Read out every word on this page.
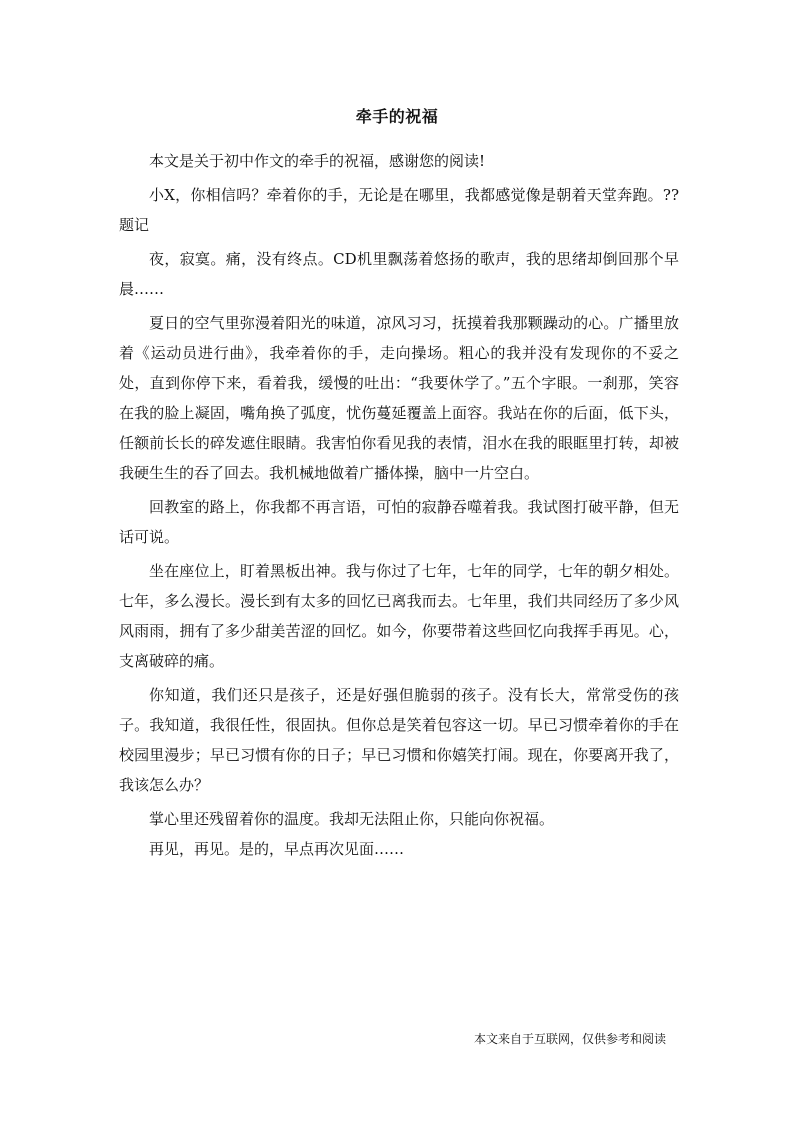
牵手的祝福

本文是关于初中作文的牵手的祝福，感谢您的阅读!

小X，你相信吗？牵着你的手，无论是在哪里，我都感觉像是朝着天堂奔跑。??题记

夜，寂寞。痛，没有终点。CD机里飘荡着悠扬的歌声，我的思绪却倒回那个早晨……

夏日的空气里弥漫着阳光的味道，凉风习习，抚摸着我那颗躁动的心。广播里放着《运动员进行曲》，我牵着你的手，走向操场。粗心的我并没有发现你的不妥之处，直到你停下来，看着我，缓慢的吐出：“我要休学了。”五个字眼。一刹那，笑容在我的脸上凝固，嘴角换了弧度，忧伤蔓延覆盖上面容。我站在你的后面，低下头，任额前长长的碎发遮住眼睛。我害怕你看见我的表情，泪水在我的眼眶里打转，却被我硬生生的吞了回去。我机械地做着广播体操，脑中一片空白。

回教室的路上，你我都不再言语，可怕的寂静吞噬着我。我试图打破平静，但无话可说。

坐在座位上，盯着黑板出神。我与你过了七年，七年的同学，七年的朝夕相处。七年，多么漫长。漫长到有太多的回忆已离我而去。七年里，我们共同经历了多少风风雨雨，拥有了多少甜美苦涩的回忆。如今，你要带着这些回忆向我挥手再见。心，支离破碎的痛。

你知道，我们还只是孩子，还是好强但脆弱的孩子。没有长大，常常受伤的孩子。我知道，我很任性，很固执。但你总是笑着包容这一切。早已习惯牵着你的手在校园里漫步；早已习惯有你的日子；早已习惯和你嬉笑打闹。现在，你要离开我了，我该怎么办？

掌心里还残留着你的温度。我却无法阻止你，只能向你祝福。

再见，再见。是的，早点再次见面……

本文来自于互联网，仅供参考和阅读
